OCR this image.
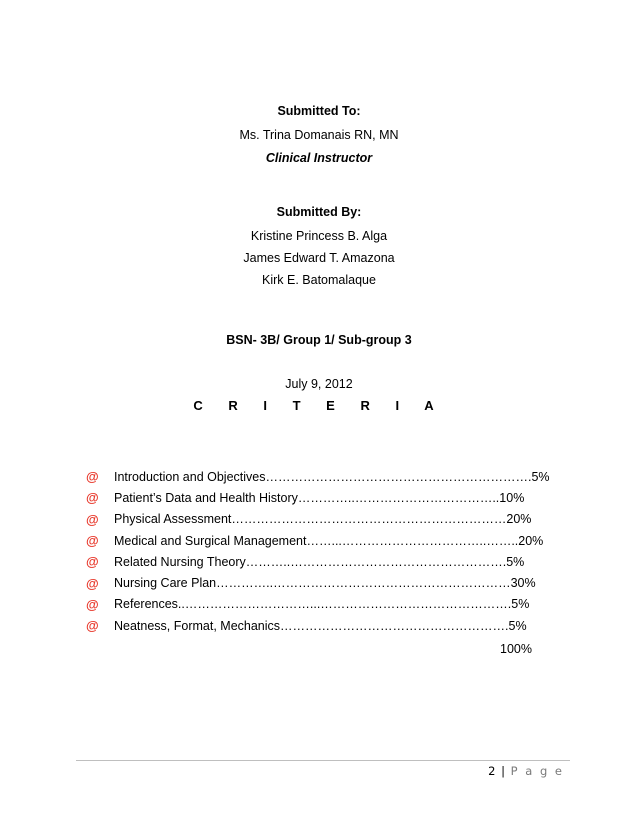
Submitted To:
Ms. Trina Domanais RN, MN
Clinical Instructor
Submitted By:
Kristine Princess B. Alga
James Edward T. Amazona
Kirk E. Batomalaque
BSN- 3B/ Group 1/ Sub-group 3
July 9, 2012
C R I T E R I A
@	Introduction and Objectives……………………………………………………….5%
@	Patient’s Data and Health History…………..……………………………..10%
@	Physical Assessment…………………………………………………………20%
@	Medical and Surgical Management……...……………………………..……..20%
@	Related Nursing Theory………..…………………………………………….5%
@	Nursing Care Plan…………..…………………………………………………30%
@	References..…………………………...……………………………………….5%
@	Neatness, Format, Mechanics……………………………………………….5%
100%
2 | P a g e
